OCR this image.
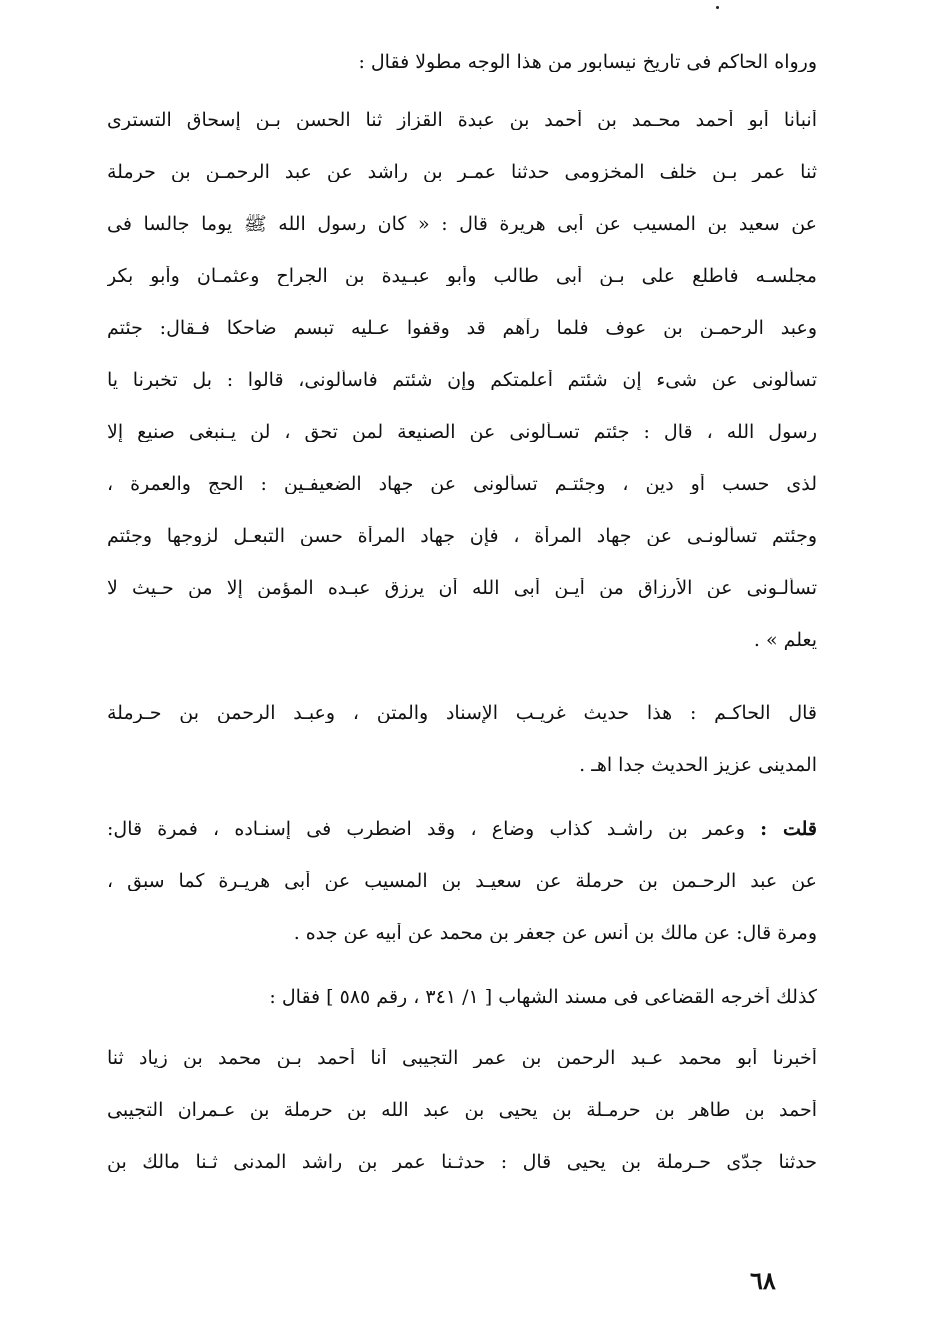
ورواه الحاكم فى تاريخ نيسابور من هذا الوجه مطولا فقال :
أنبأنا أبو أحمد محـمد بن أحمد بن عبدة القزاز ثنا الحسن بـن إسحاق التسترى
ثنا عمر بـن خلف المخزومى حدثنا عمـر بن راشد عن عبد الرحمـن بن حرملة
عن سعيد بن المسيب عن أبى هريرة قال : « كان رسول الله ﷺ يوما جالسا فى
مجلسـه فاطلع على بـن أبى طالب وأبو عبـيدة بن الجراح وعثمـان وأبو بكر
وعبد الرحمـن بن عوف فلما رآهم قد وقفوا عـليه تبسم ضاحكا فـقال: جئتم
تسألونى عن شىء إن شئتم أعلمتكم وإن شئتم فاسألونى، قالوا : بل تخبرنا يا
رسول الله ، قال : جئتم تسـألونى عن الصنيعة لمن تحق ، لن يـنبغى صنيع إلا
لذى حسب أو دين ، وجئتـم تسألونى عن جهاد الضعيفـين : الحج والعمرة ،
وجئتم تسألونـى عن جهاد المرأة ، فإن جهاد المرأة حسن التبعـل لزوجها وجئتم
تسألـونى عن الأرزاق من أيـن أبى الله أن يرزق عبـده المؤمن إلا من حـيث لا
يعلم » .
قال الحاكـم : هذا حديث غريـب الإسناد والمتن ، وعبـد الرحمن بن حـرملة
المدينى عزيز الحديث جدا اهـ .
قلت : وعمر بن راشـد كذاب وضاع ، وقد اضطرب فى إسنـاده ، فمرة قال:
عن عبد الرحـمن بن حرملة عن سعيـد بن المسيب عن أبى هريـرة كما سبق ،
ومرة قال: عن مالك بن أنس عن جعفر بن محمد عن أبيه عن جده .
كذلك أخرجه القضاعى فى مسند الشهاب [ ١/ ٣٤١ ، رقم ٥٨٥ ] فقال :
أخبرنا أبو محمد عـبد الرحمن بن عمر التجيبى أنا أحمد بـن محمد بن زياد ثنا
أحمد بن طاهر بن حرمـلة بن يحيى بن عبد الله بن حرملة بن عـمران التجيبى
حدثنا جدّى حـرملة بن يحيى قال : حدثـنا عمر بن راشد المدنى ثـنا مالك بن
٦٨
